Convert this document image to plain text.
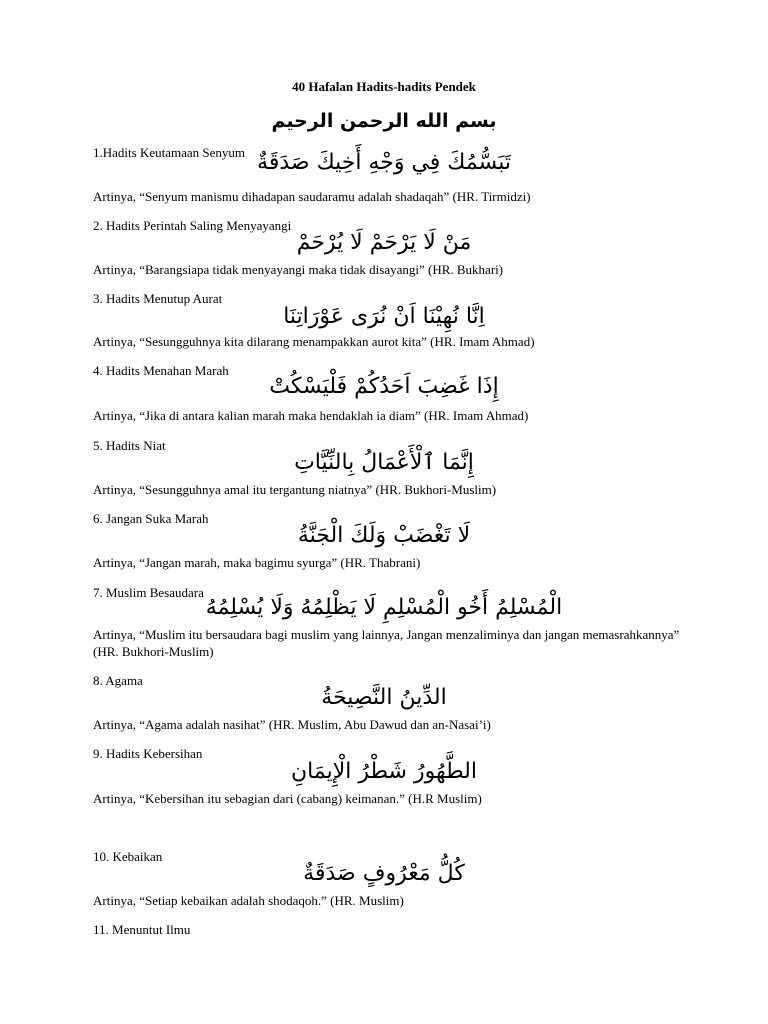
40 Hafalan Hadits-hadits Pendek
بسم الله الرحمن الرحيم
1.Hadits Keutamaan Senyum تَبَسُّمُكَ فِي وَجْهِ أَخِيكَ صَدَقَةٌ
Artinya, “Senyum manismu dihadapan saudaramu adalah shadaqah” (HR. Tirmidzi)
2. Hadits Perintah Saling Menyayangi
مَنْ لَا يَرْحَمْ لَا يُرْحَمْ
Artinya, “Barangsiapa tidak menyayangi maka tidak disayangi” (HR. Bukhari)
3. Hadits Menutup Aurat
اِنَّا نُهِيْنَا اَنْ نُرَى عَوْرَاتِنَا
Artinya, “Sesungguhnya kita dilarang menampakkan aurot kita” (HR. Imam Ahmad)
4. Hadits Menahan Marah
إِذَا غَضِبَ اَحَدُكُمْ فَلْيَسْكُتْ
Artinya, “Jika di antara kalian marah maka hendaklah ia diam” (HR. Imam Ahmad)
5. Hadits Niat
إِنَّمَا ٱلْأَعْمَالُ بِالنِّيَّاتِ
Artinya, “Sesungguhnya amal itu tergantung niatnya” (HR. Bukhori-Muslim)
6. Jangan Suka Marah
لَا تَغْضَبْ وَلَكَ الْجَنَّةُ
Artinya, “Jangan marah, maka bagimu syurga” (HR. Thabrani)
7. Muslim Besaudara
الْمُسْلِمُ أَخُو الْمُسْلِمِ لَا يَظْلِمُهُ وَلَا يُسْلِمُهُ
Artinya, “Muslim itu bersaudara bagi muslim yang lainnya, Jangan menzaliminya dan jangan memasrahkannya” (HR. Bukhori-Muslim)
8. Agama
الدِّينُ النَّصِيحَةُ
Artinya, “Agama adalah nasihat” (HR. Muslim, Abu Dawud dan an-Nasai’i)
9. Hadits Kebersihan
الطَّهُورُ شَطْرُ الْإِيمَانِ
Artinya, “Kebersihan itu sebagian dari (cabang) keimanan.” (H.R Muslim)
10. Kebaikan
كُلُّ مَعْرُوفٍ صَدَقَةٌ
Artinya, “Setiap kebaikan adalah shodaqoh.” (HR. Muslim)
11. Menuntut Ilmu
